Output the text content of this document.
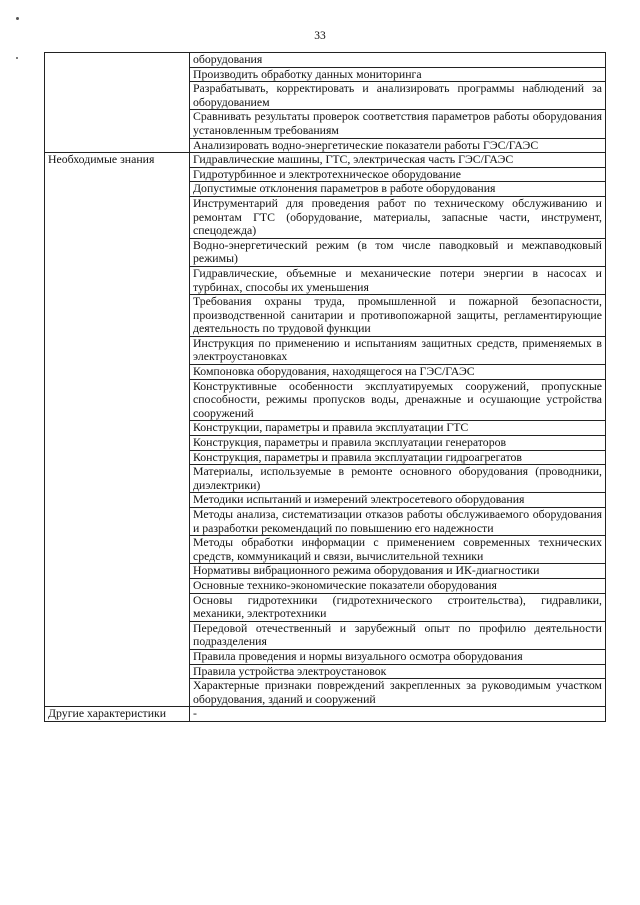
33
	оборудования
	Производить обработку данных мониторинга
	Разрабатывать, корректировать и анализировать программы наблюдений за оборудованием
	Сравнивать результаты проверок соответствия параметров работы оборудования установленным требованиям
	Анализировать водно-энергетические показатели работы ГЭС/ГАЭС
Необходимые знания	Гидравлические машины, ГТС, электрическая часть ГЭС/ГАЭС
	Гидротурбинное и электротехническое оборудование
	Допустимые отклонения параметров в работе оборудования
	Инструментарий для проведения работ по техническому обслуживанию и ремонтам ГТС (оборудование, материалы, запасные части, инструмент, спецодежда)
	Водно-энергетический режим (в том числе паводковый и межпаводковый режимы)
	Гидравлические, объемные и механические потери энергии в насосах и турбинах, способы их уменьшения
	Требования охраны труда, промышленной и пожарной безопасности, производственной санитарии и противопожарной защиты, регламентирующие деятельность по трудовой функции
	Инструкция по применению и испытаниям защитных средств, применяемых в электроустановках
	Компоновка оборудования, находящегося на ГЭС/ГАЭС
	Конструктивные особенности эксплуатируемых сооружений, пропускные способности, режимы пропусков воды, дренажные и осушающие устройства сооружений
	Конструкции, параметры и правила эксплуатации ГТС
	Конструкция, параметры и правила эксплуатации генераторов
	Конструкция, параметры и правила эксплуатации гидроагрегатов
	Материалы, используемые в ремонте основного оборудования (проводники, диэлектрики)
	Методики испытаний и измерений электросетевого оборудования
	Методы анализа, систематизации отказов работы обслуживаемого оборудования и разработки рекомендаций по повышению его надежности
	Методы обработки информации с применением современных технических средств, коммуникаций и связи, вычислительной техники
	Нормативы вибрационного режима оборудования и ИК-диагностики
	Основные технико-экономические показатели оборудования
	Основы гидротехники (гидротехнического строительства), гидравлики, механики, электротехники
	Передовой отечественный и зарубежный опыт по профилю деятельности подразделения
	Правила проведения и нормы визуального осмотра оборудования
	Правила устройства электроустановок
	Характерные признаки повреждений закрепленных за руководимым участком оборудования, зданий и сооружений
Другие характеристики	-
